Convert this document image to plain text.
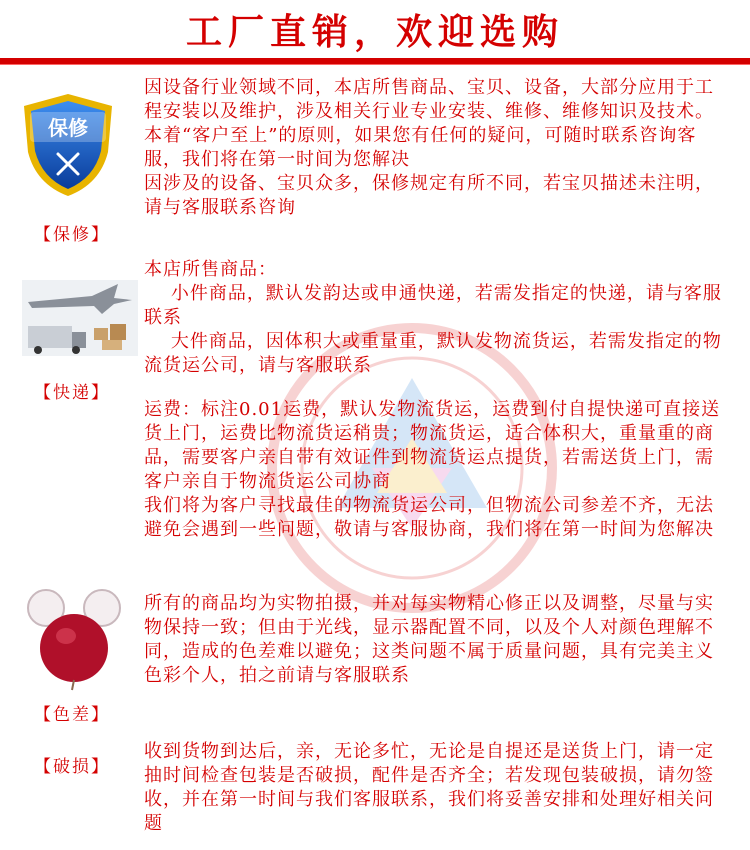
工厂直销，欢迎选购
保修
【保修】

因设备行业领域不同，本店所售商品、宝贝、设备，大部分应用于工程安装以及维护，涉及相关行业专业安装、维修、维修知识及技术。本着“客户至上”的原则，如果您有任何的疑问，可随时联系咨询客服，我们将在第一时间为您解决
因涉及的设备、宝贝众多，保修规定有所不同，若宝贝描述未注明，请与客服联系咨询

【快递】

本店所售商品：
小件商品，默认发韵达或申通快递，若需发指定的快递，请与客服联系
大件商品，因体积大或重量重，默认发物流货运，若需发指定的物流货运公司，请与客服联系

运费：标注0.01运费，默认发物流货运，运费到付自提快递可直接送货上门，运费比物流货运稍贵；物流货运，适合体积大，重量重的商品，需要客户亲自带有效证件到物流货运点提货，若需送货上门，需客户亲自于物流货运公司协商
我们将为客户寻找最佳的物流货运公司，但物流公司参差不齐，无法避免会遇到一些问题，敬请与客服协商，我们将在第一时间为您解决

【色差】

所有的商品均为实物拍摄，并对每实物精心修正以及调整，尽量与实物保持一致；但由于光线，显示器配置不同，以及个人对颜色理解不同，造成的色差难以避免；这类问题不属于质量问题，具有完美主义色彩个人，拍之前请与客服联系

【破损】

收到货物到达后，亲，无论多忙，无论是自提还是送货上门，请一定抽时间检查包装是否破损，配件是否齐全；若发现包装破损，请勿签收，并在第一时间与我们客服联系，我们将妥善安排和处理好相关问题
